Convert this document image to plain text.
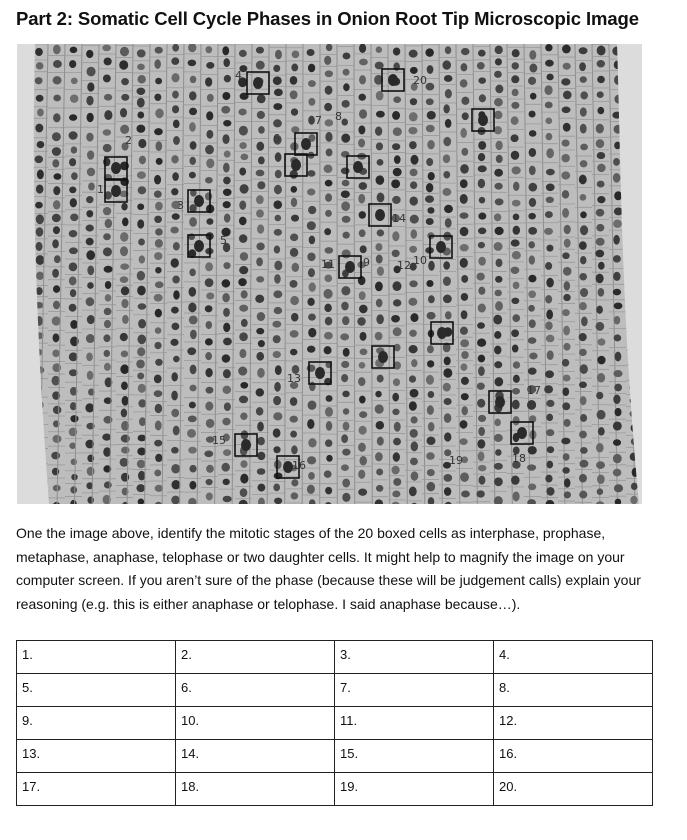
Part 2: Somatic Cell Cycle Phases in Onion Root Tip Microscopic Image
1
2
3
4
5
6
7 8
9	10
11	12
13
14
15
16
17
18
19
20
One the image above, identify the mitotic stages of the 20 boxed cells as interphase, prophase, metaphase, anaphase, telophase or two daughter cells. It might help to magnify the image on your computer screen. If you aren’t sure of the phase (because these will be judgement calls) explain your reasoning (e.g. this is either anaphase or telophase. I said anaphase because…).
1.	2.	3.	4.
5.	6.	7.	8.
9.	10.	11.	12.
13.	14.	15.	16.
17.	18.	19.	20.
